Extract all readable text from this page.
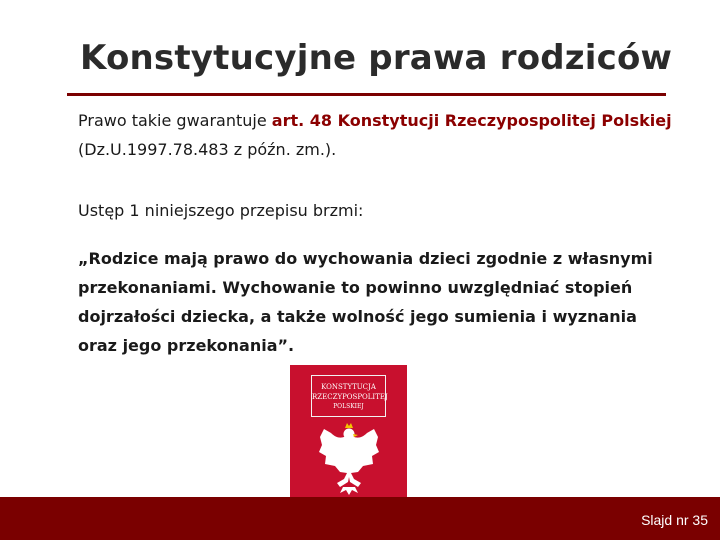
Konstytucyjne prawa rodziców
Prawo takie gwarantuje art. 48 Konstytucji Rzeczypospolitej Polskiej (Dz.U.1997.78.483 z późn. zm.).
Ustęp 1 niniejszego przepisu brzmi:
„Rodzice mają prawo do wychowania dzieci zgodnie z własnymi przekonaniami. Wychowanie to powinno uwzględniać stopień dojrzałości dziecka, a także wolność jego sumienia i wyznania oraz jego przekonania”.
KONSTYTUCJA
RZECZYPOSPOLITEJ
POLSKIEJ
Slajd nr 35
